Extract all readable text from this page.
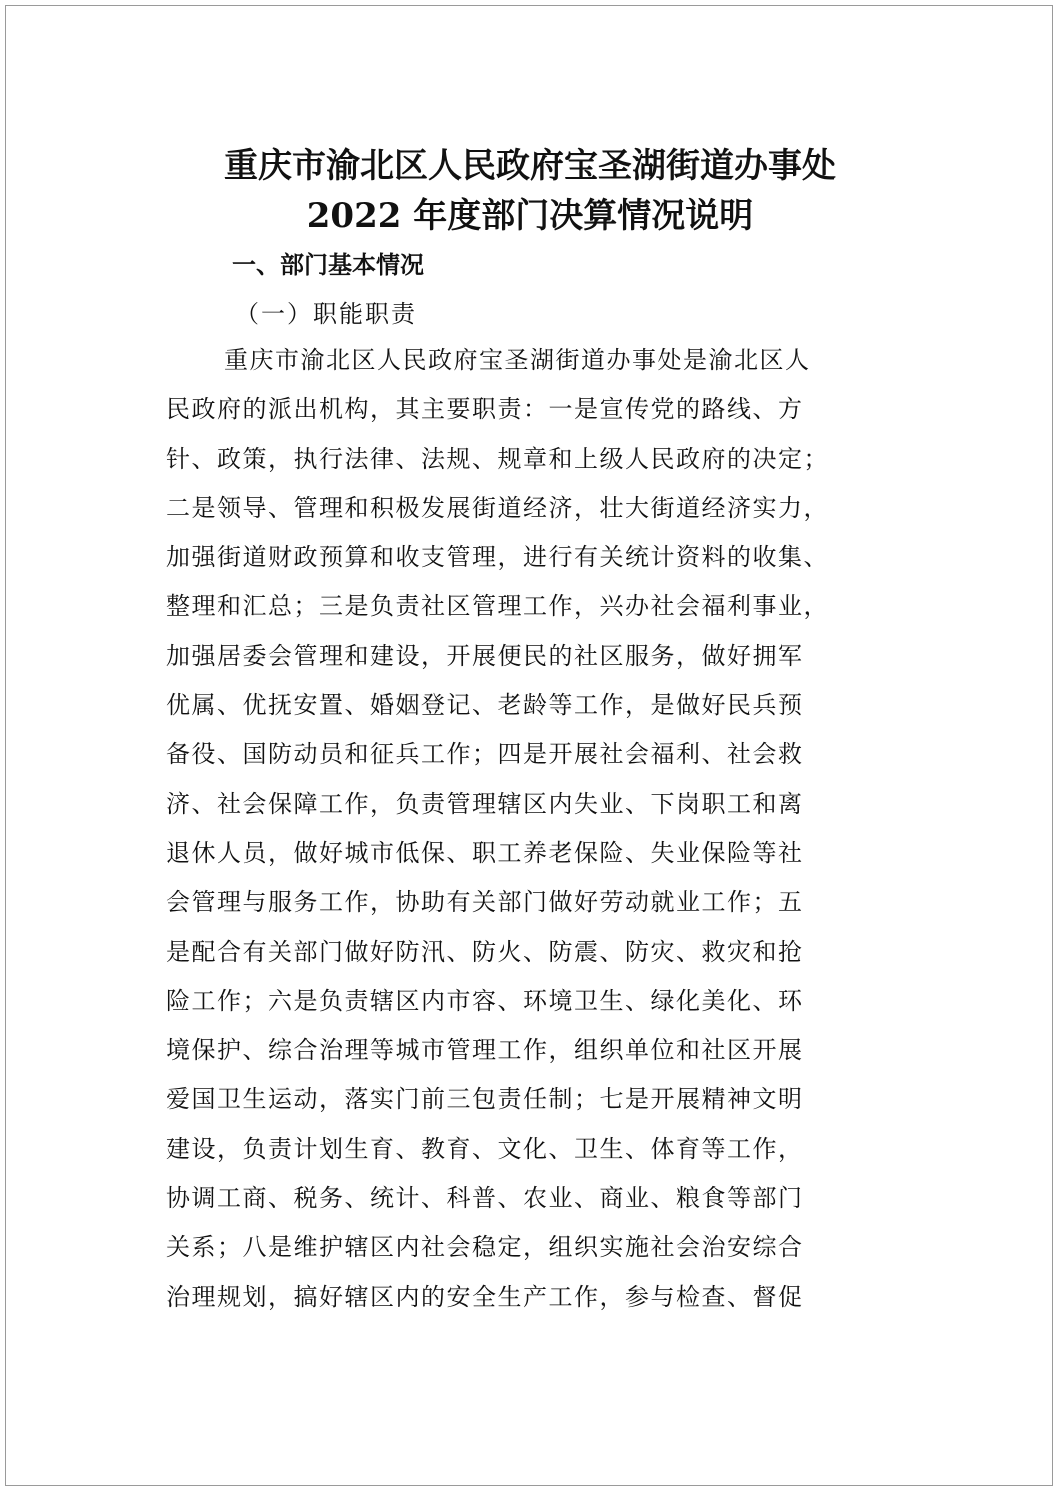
重庆市渝北区人民政府宝圣湖街道办事处
2022 年度部门决算情况说明
一、部门基本情况
（一）职能职责
重庆市渝北区人民政府宝圣湖街道办事处是渝北区人
民政府的派出机构，其主要职责：一是宣传党的路线、方
针、政策，执行法律、法规、规章和上级人民政府的决定；
二是领导、管理和积极发展街道经济，壮大街道经济实力，
加强街道财政预算和收支管理，进行有关统计资料的收集、
整理和汇总；三是负责社区管理工作，兴办社会福利事业，
加强居委会管理和建设，开展便民的社区服务，做好拥军
优属、优抚安置、婚姻登记、老龄等工作，是做好民兵预
备役、国防动员和征兵工作；四是开展社会福利、社会救
济、社会保障工作，负责管理辖区内失业、下岗职工和离
退休人员，做好城市低保、职工养老保险、失业保险等社
会管理与服务工作，协助有关部门做好劳动就业工作；五
是配合有关部门做好防汛、防火、防震、防灾、救灾和抢
险工作；六是负责辖区内市容、环境卫生、绿化美化、环
境保护、综合治理等城市管理工作，组织单位和社区开展
爱国卫生运动，落实门前三包责任制；七是开展精神文明
建设，负责计划生育、教育、文化、卫生、体育等工作，
协调工商、税务、统计、科普、农业、商业、粮食等部门
关系；八是维护辖区内社会稳定，组织实施社会治安综合
治理规划，搞好辖区内的安全生产工作，参与检查、督促
